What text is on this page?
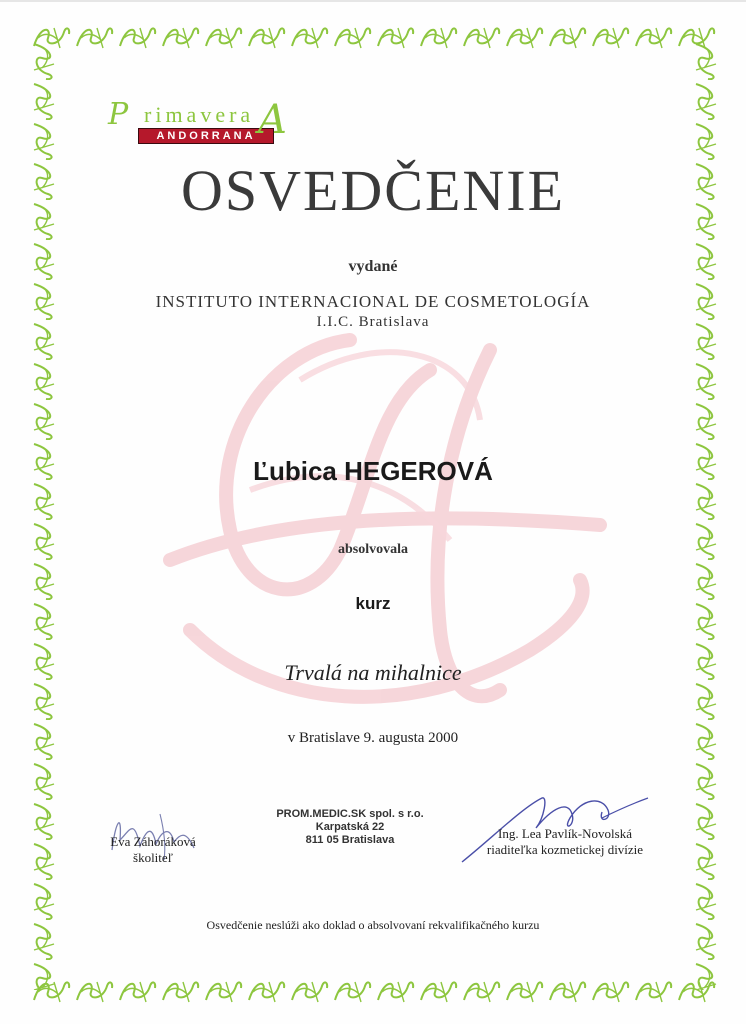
P rimavera
ANDORRANA A
OSVEDČENIE
vydané
INSTITUTO INTERNACIONAL DE COSMETOLOGÍA
I.I.C. Bratislava
Ľubica HEGEROVÁ
absolvovala
kurz
Trvalá na mihalnice
v Bratislave 9. augusta 2000
Eva Záhoráková
školiteľ
PROM.MEDIC.SK spol. s r.o.
Karpatská 22
811 05 Bratislava	Ing. Lea Pavlík-Novolská
riaditeľka kozmetickej divízie
Osvedčenie neslúži ako doklad o absolvovaní rekvalifikačného kurzu
